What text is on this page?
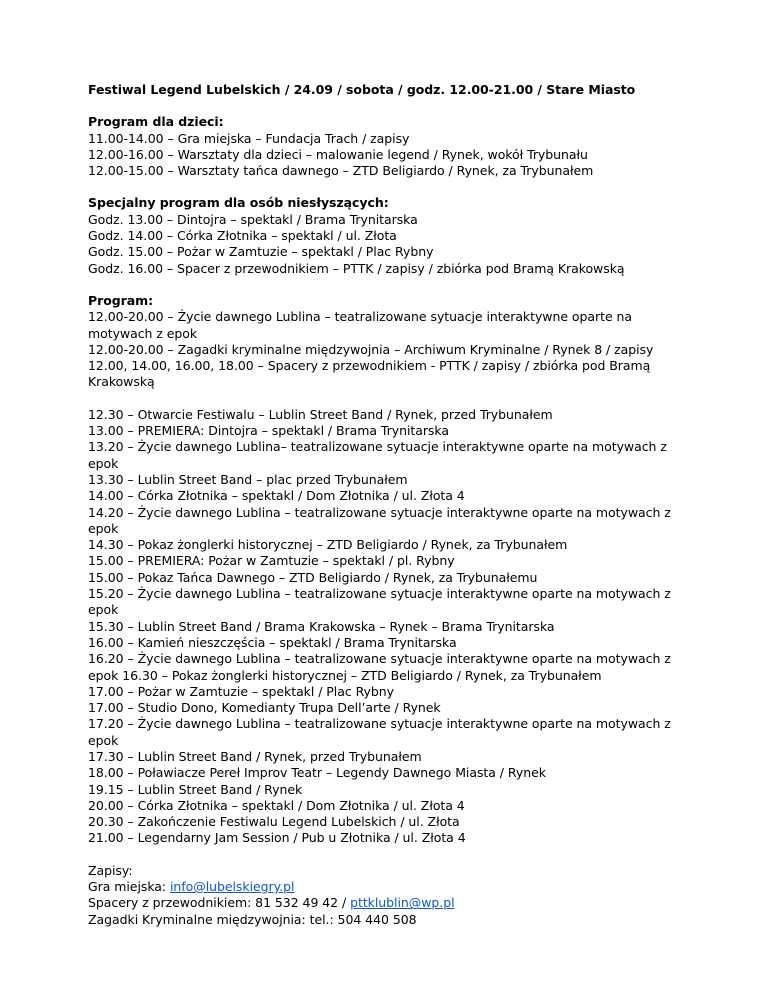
Festiwal Legend Lubelskich / 24.09 / sobota / godz. 12.00-21.00 / Stare Miasto

Program dla dzieci:

11.00-14.00 – Gra miejska – Fundacja Trach / zapisy

12.00-16.00 – Warsztaty dla dzieci – malowanie legend / Rynek, wokół Trybunału

12.00-15.00 – Warsztaty tańca dawnego – ZTD Beligiardo / Rynek, za Trybunałem

Specjalny program dla osób niesłyszących:

Godz. 13.00 – Dintojra – spektakl / Brama Trynitarska

Godz. 14.00 – Córka Złotnika – spektakl / ul. Złota

Godz. 15.00 – Pożar w Zamtuzie – spektakl / Plac Rybny

Godz. 16.00 – Spacer z przewodnikiem – PTTK / zapisy / zbiórka pod Bramą Krakowską

Program:

12.00-20.00 – Życie dawnego Lublina – teatralizowane sytuacje interaktywne oparte na motywach z epok

12.00-20.00 – Zagadki kryminalne międzywojnia – Archiwum Kryminalne / Rynek 8 / zapisy

12.00, 14.00, 16.00, 18.00 – Spacery z przewodnikiem - PTTK / zapisy / zbiórka pod Bramą Krakowską

12.30 – Otwarcie Festiwalu – Lublin Street Band / Rynek, przed Trybunałem

13.00 – PREMIERA: Dintojra – spektakl / Brama Trynitarska

13.20 – Życie dawnego Lublina– teatralizowane sytuacje interaktywne oparte na motywach z epok

13.30 – Lublin Street Band – plac przed Trybunałem

14.00 – Córka Złotnika – spektakl / Dom Złotnika / ul. Złota 4

14.20 – Życie dawnego Lublina – teatralizowane sytuacje interaktywne oparte na motywach z epok

14.30 – Pokaz żonglerki historycznej – ZTD Beligiardo / Rynek, za Trybunałem

15.00 – PREMIERA: Pożar w Zamtuzie – spektakl / pl. Rybny

15.00 – Pokaz Tańca Dawnego – ZTD Beligiardo / Rynek, za Trybunałemu

15.20 – Życie dawnego Lublina – teatralizowane sytuacje interaktywne oparte na motywach z epok

15.30 – Lublin Street Band / Brama Krakowska – Rynek – Brama Trynitarska

16.00 – Kamień nieszczęścia – spektakl / Brama Trynitarska

16.20 – Życie dawnego Lublina – teatralizowane sytuacje interaktywne oparte na motywach z epok 16.30 – Pokaz żonglerki historycznej – ZTD Beligiardo / Rynek, za Trybunałem

17.00 – Pożar w Zamtuzie – spektakl / Plac Rybny

17.00 – Studio Dono, Komedianty Trupa Dell’arte / Rynek

17.20 – Życie dawnego Lublina – teatralizowane sytuacje interaktywne oparte na motywach z epok

17.30 – Lublin Street Band / Rynek, przed Trybunałem

18.00 – Poławiacze Pereł Improv Teatr – Legendy Dawnego Miasta / Rynek

19.15 – Lublin Street Band / Rynek

20.00 – Córka Złotnika – spektakl / Dom Złotnika / ul. Złota 4

20.30 – Zakończenie Festiwalu Legend Lubelskich / ul. Złota

21.00 – Legendarny Jam Session / Pub u Złotnika / ul. Złota 4

Zapisy:

Gra miejska: info@lubelskiegry.pl

Spacery z przewodnikiem: 81 532 49 42 / pttklublin@wp.pl

Zagadki Kryminalne międzywojnia: tel.: 504 440 508
